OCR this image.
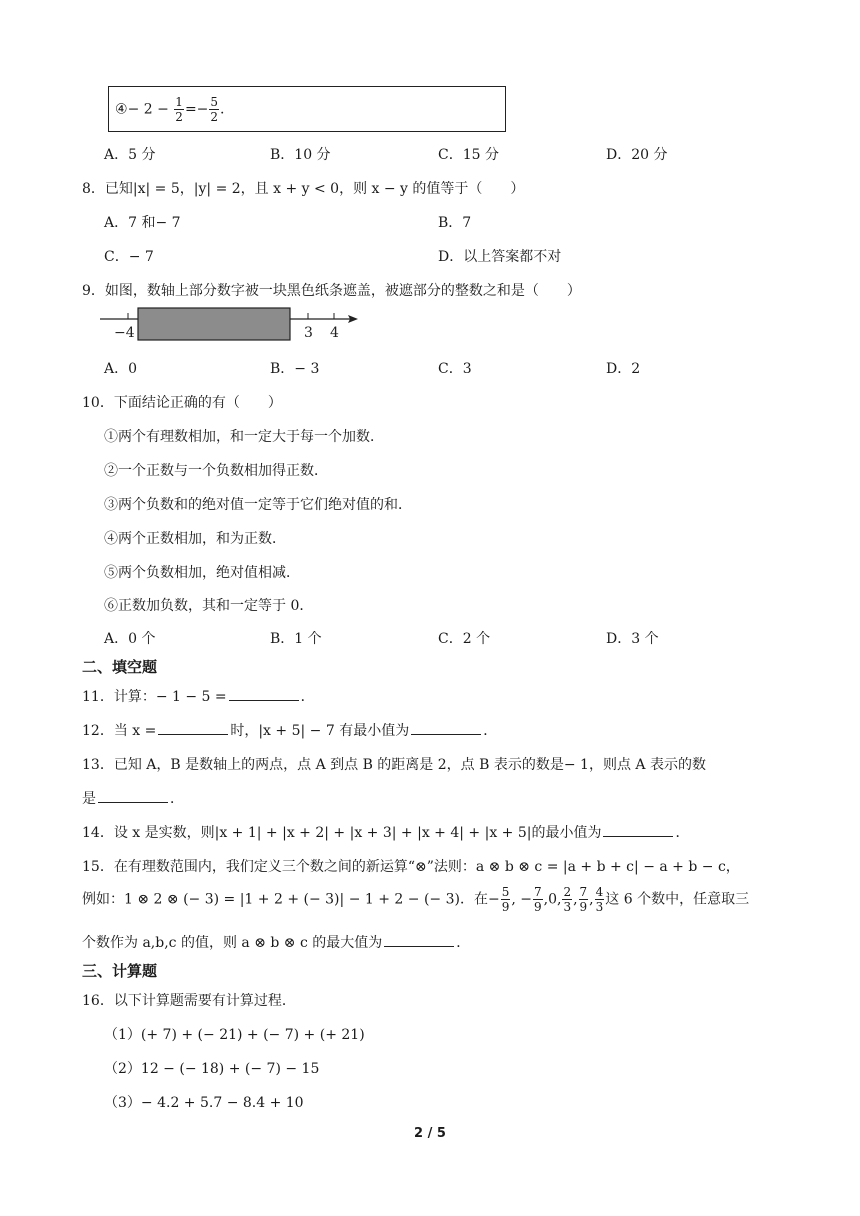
④− $2 - \frac{1}{2} =- \frac{5}{2}$ .
A．5 分	B．10 分	C．15 分	D．20 分
8．已知|x| = 5，|y| = 2，且 x + y < 0，则 x − y 的值等于（　　）
A．7 和− 7	B．7
C．− 7	D．以上答案都不对
9．如图，数轴上部分数字被一块黑色纸条遮盖，被遮部分的整数之和是（　　）
−4	3 4
A．0	B．− 3	C．3	D．2
10．下面结论正确的有（　　）
①两个有理数相加，和一定大于每一个加数．
②一个正数与一个负数相加得正数．
③两个负数和的绝对值一定等于它们绝对值的和．
④两个正数相加，和为正数．
⑤两个负数相加，绝对值相减．
⑥正数加负数，其和一定等于 0．
A．0 个	B．1 个	C．2 个	D．3 个
二、填空题
11．计算：− 1 − 5 =	．
12．当 x =	时，|x + 5| − 7 有最小值为	．
13．已知 A，B 是数轴上的两点，点 A 到点 B 的距离是 2，点 B 表示的数是− 1，则点 A 表示的数
是	．
14．设 x 是实数，则|x + 1| + |x + 2| + |x + 3| + |x + 4| + |x + 5|的最小值为	．
15．在有理数范围内，我们定义三个数之间的新运算“⊗”法则：a ⊗ b ⊗ c = |a + b + c| − a + b − c，
例如：1 ⊗ 2 ⊗ (− 3) = |1 + 2 + (− 3)| − 1 + 2 − (− 3)．在− $\frac{5}{9}$ , − $\frac{7}{9} ,0$, $\frac{2}{3}$ , $\frac{7}{9}$ , $\frac{4}{3}$ 这 6 个数中，任意取三
个数作为 a,b,c 的值，则 a ⊗ b ⊗ c 的最大值为	．
三、计算题
16．以下计算题需要有计算过程．
（1）(+ 7) + (− 21) + (− 7) + (+ 21)
（2）12 − (− 18) + (− 7) − 15
（3）− 4.2 + 5.7 − 8.4 + 10
2 / 5
